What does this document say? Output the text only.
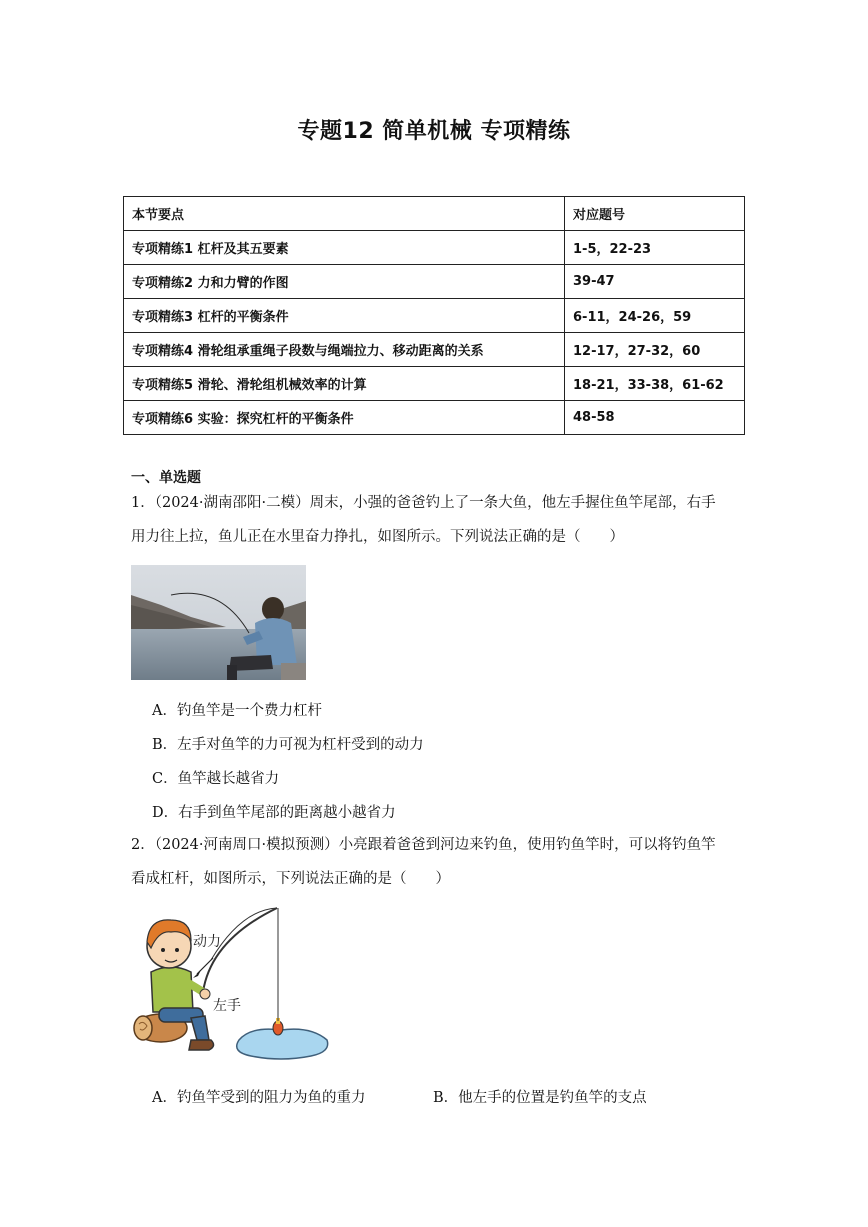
专题12 简单机械 专项精练
本节要点	对应题号
专项精练1 杠杆及其五要素	1-5，22-23
专项精练2 力和力臂的作图	39-47
专项精练3 杠杆的平衡条件	6-11，24-26，59
专项精练4 滑轮组承重绳子段数与绳端拉力、移动距离的关系	12-17，27-32，60
专项精练5 滑轮、滑轮组机械效率的计算	18-21，33-38，61-62
专项精练6 实验：探究杠杆的平衡条件	48-58
一、单选题
1．（2024·湖南邵阳·二模）周末，小强的爸爸钓上了一条大鱼，他左手握住鱼竿尾部，右手
用力往上拉，鱼儿正在水里奋力挣扎，如图所示。下列说法正确的是（　　）
A．钓鱼竿是一个费力杠杆
B．左手对鱼竿的力可视为杠杆受到的动力
C．鱼竿越长越省力
D．右手到鱼竿尾部的距离越小越省力
2．（2024·河南周口·模拟预测）小亮跟着爸爸到河边来钓鱼，使用钓鱼竿时，可以将钓鱼竿
看成杠杆，如图所示，下列说法正确的是（　　）
动力
左手
A．钓鱼竿受到的阻力为鱼的重力	B．他左手的位置是钓鱼竿的支点
